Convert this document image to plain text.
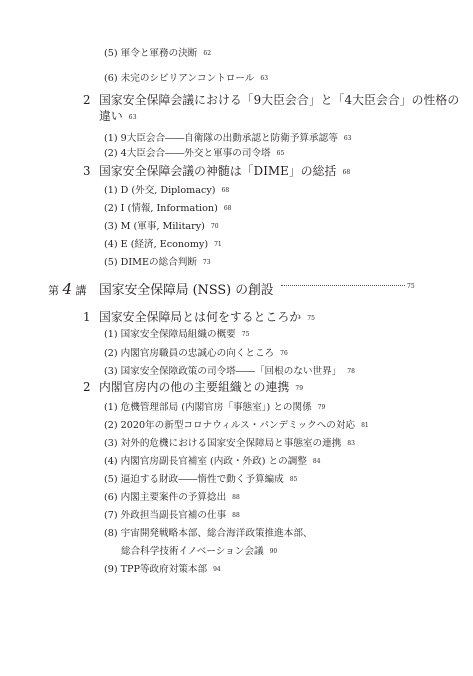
(5) 軍令と軍務の決断 62
(6) 未完のシビリアンコントロール 63
2 国家安全保障会議における「9大臣会合」と「4大臣会合」の性格の
違い 63
(1) 9大臣会合――自衛隊の出動承認と防衛予算承認等 63
(2) 4大臣会合――外交と軍事の司令塔 65
3 国家安全保障会議の神髄は「DIME」の総括 68
(1) D (外交, Diplomacy) 68
(2) I (情報, Information) 68
(3) M (軍事, Military) 70
(4) E (経済, Economy) 71
(5) DIMEの総合判断 73
第 4 講 国家安全保障局 (NSS) の創設	75
1 国家安全保障局とは何をするところか 75
(1) 国家安全保障局組織の概要 75
(2) 内閣官房職員の忠誠心の向くところ 76
(3) 国家安全保障政策の司令塔――「回根のない世界」 78
2 内閣官房内の他の主要組織との連携 79
(1) 危機管理部局 (内閣官房「事態室」) との関係 79
(2) 2020年の新型コロナウィルス・パンデミックへの対応 81
(3) 対外的危機における国家安全保障局と事態室の連携 83
(4) 内閣官房副長官補室 (内政・外政) との調整 84
(5) 逼迫する財政――惰性で動く予算編成 85
(6) 内閣主要案件の予算捻出 88
(7) 外政担当副長官補の仕事 88
(8) 宇宙開発戦略本部、総合海洋政策推進本部、
総合科学技術イノベーション会議 90
(9) TPP等政府対策本部 94
